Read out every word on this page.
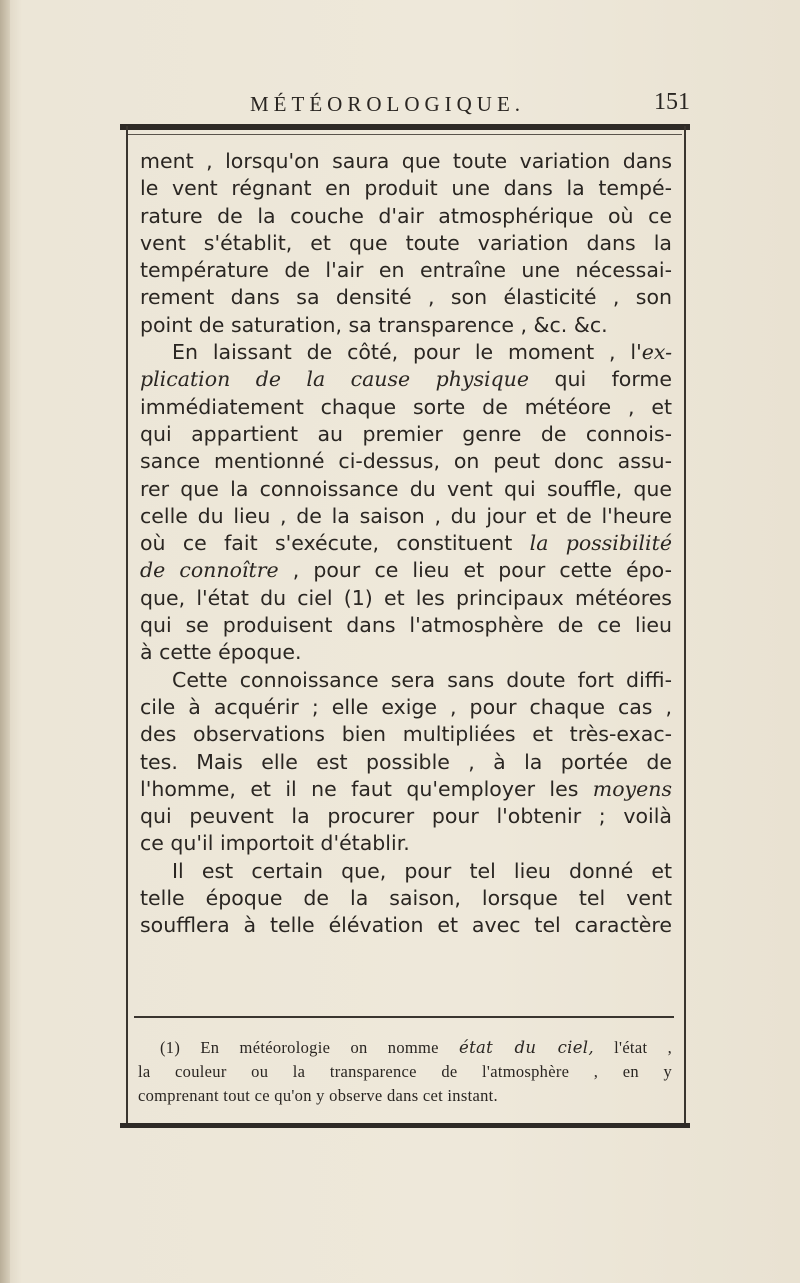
MÉTÉOROLOGIQUE.	151
ment , lorsqu'on saura que toute variation dans
le vent régnant en produit une dans la tempé-
rature de la couche d'air atmosphérique où ce
vent s'établit, et que toute variation dans la
température de l'air en entraîne une nécessai-
rement dans sa densité , son élasticité , son
point de saturation, sa transparence , &c. &c.
En laissant de côté, pour le moment , l'ex-
plication de la cause physique qui forme
immédiatement chaque sorte de météore , et
qui appartient au premier genre de connois-
sance mentionné ci-dessus, on peut donc assu-
rer que la connoissance du vent qui souffle, que
celle du lieu , de la saison , du jour et de l'heure
où ce fait s'exécute, constituent la possibilité
de connoître , pour ce lieu et pour cette épo-
que, l'état du ciel (1) et les principaux météores
qui se produisent dans l'atmosphère de ce lieu
à cette époque.
Cette connoissance sera sans doute fort diffi-
cile à acquérir ; elle exige , pour chaque cas ,
des observations bien multipliées et très-exac-
tes. Mais elle est possible , à la portée de
l'homme, et il ne faut qu'employer les moyens
qui peuvent la procurer pour l'obtenir ; voilà
ce qu'il importoit d'établir.
Il est certain que, pour tel lieu donné et
telle époque de la saison, lorsque tel vent
soufflera à telle élévation et avec tel caractère
(1) En météorologie on nomme état du ciel, l'état ,
la couleur ou la transparence de l'atmosphère , en y
comprenant tout ce qu'on y observe dans cet instant.
